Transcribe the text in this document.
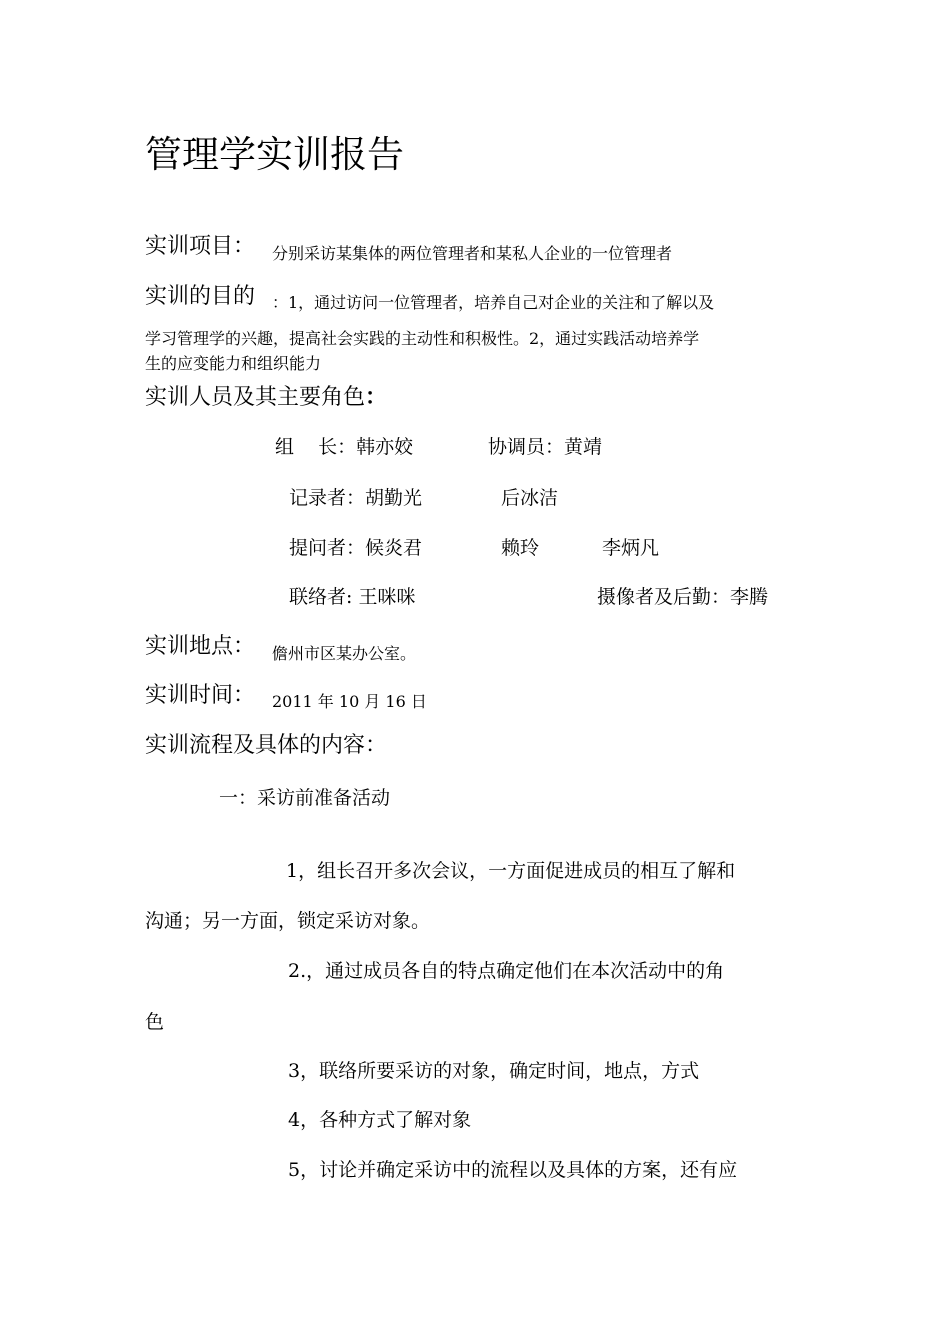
管理学实训报告
实训项目： 分别采访某集体的两位管理者和某私人企业的一位管理者
实训的目的 ：1，通过访问一位管理者，培养自己对企业的关注和了解以及
学习管理学的兴趣，提高社会实践的主动性和积极性。2，通过实践活动培养学
生的应变能力和组织能力
实训人员及其主要角色：
组    长：韩亦姣	协调员：黄靖
记录者：胡勤光	后冰洁
提问者：候炎君	赖玲	李炳凡
联络者: 王咪咪	摄像者及后勤：李腾
实训地点： 儋州市区某办公室。
实训时间： 2011 年 10 月 16 日
实训流程及具体的内容：
一：采访前准备活动
1，组长召开多次会议，一方面促进成员的相互了解和
沟通；另一方面，锁定采访对象。
2.，通过成员各自的特点确定他们在本次活动中的角
色
3，联络所要采访的对象，确定时间，地点，方式
4，各种方式了解对象
5，讨论并确定采访中的流程以及具体的方案，还有应
